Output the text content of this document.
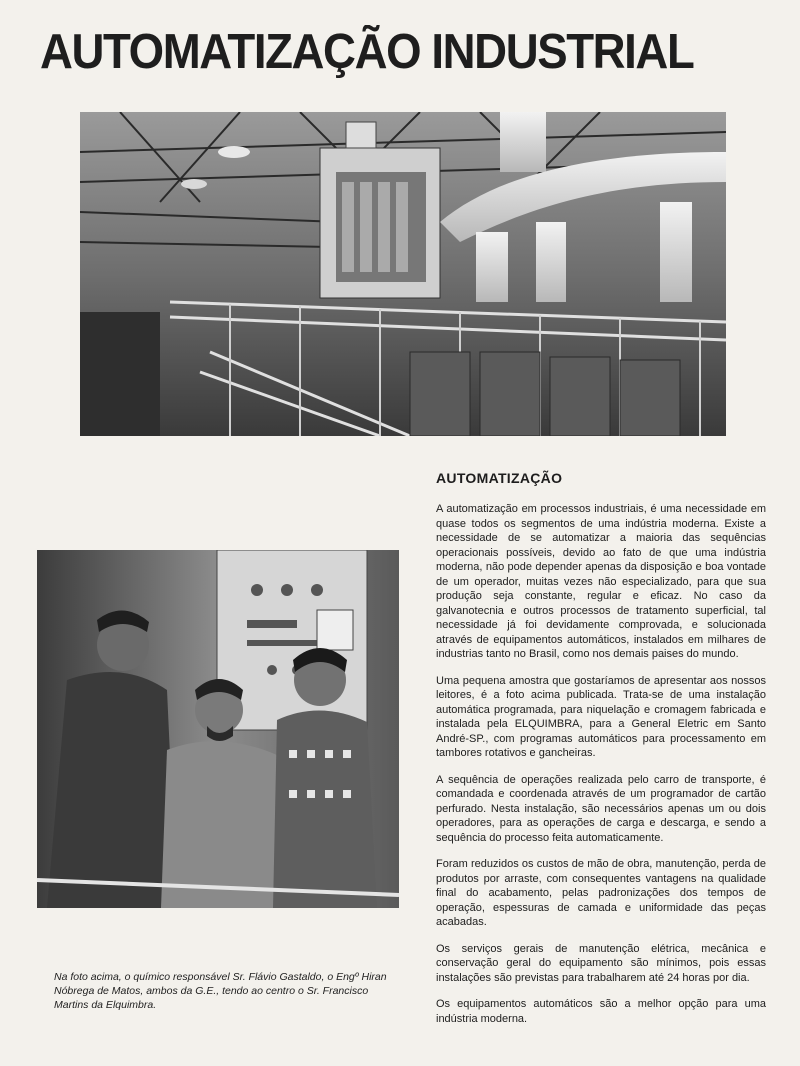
AUTOMATIZAÇÃO INDUSTRIAL
AUTOMATIZAÇÃO

A automatização em processos industriais, é uma necessidade em quase todos os segmentos de uma indústria moderna. Existe a necessidade de se automatizar a maioria das sequências operacionais possíveis, devido ao fato de que uma indústria moderna, não pode depender apenas da disposição e boa vontade de um operador, muitas vezes não especializado, para que sua produção seja constante, regular e eficaz. No caso da galvanotecnia e outros processos de tratamento superficial, tal necessidade já foi devidamente comprovada, e solucionada através de equipamentos automáticos, instalados em milhares de industrias tanto no Brasil, como nos demais paises do mundo.

Uma pequena amostra que gostaríamos de apresentar aos nossos leitores, é a foto acima publicada. Trata-se de uma instalação automática programada, para niquelação e cromagem fabricada e instalada pela ELQUIMBRA, para a General Eletric em Santo André-SP., com programas automáticos para processamento em tambores rotativos e gancheiras.

A sequência de operações realizada pelo carro de transporte, é comandada e coordenada através de um programador de cartão perfurado. Nesta instalação, são necessários apenas um ou dois operadores, para as operações de carga e descarga, e sendo a sequência do processo feita automaticamente.

Foram reduzidos os custos de mão de obra, manutenção, perda de produtos por arraste, com consequentes vantagens na qualidade final do acabamento, pelas padronizações dos tempos de operação, espessuras de camada e uniformidade das peças acabadas.

Os serviços gerais de manutenção elétrica, mecânica e conservação geral do equipamento são mínimos, pois essas instalações são previstas para trabalharem até 24 horas por dia.

Os equipamentos automáticos são a melhor opção para uma indústria moderna.

Na foto acima, o químico responsável Sr. Flávio Gastaldo, o Engº Hiran Nóbrega de Matos, ambos da G.E., tendo ao centro o Sr. Francisco Martins da Elquimbra.
